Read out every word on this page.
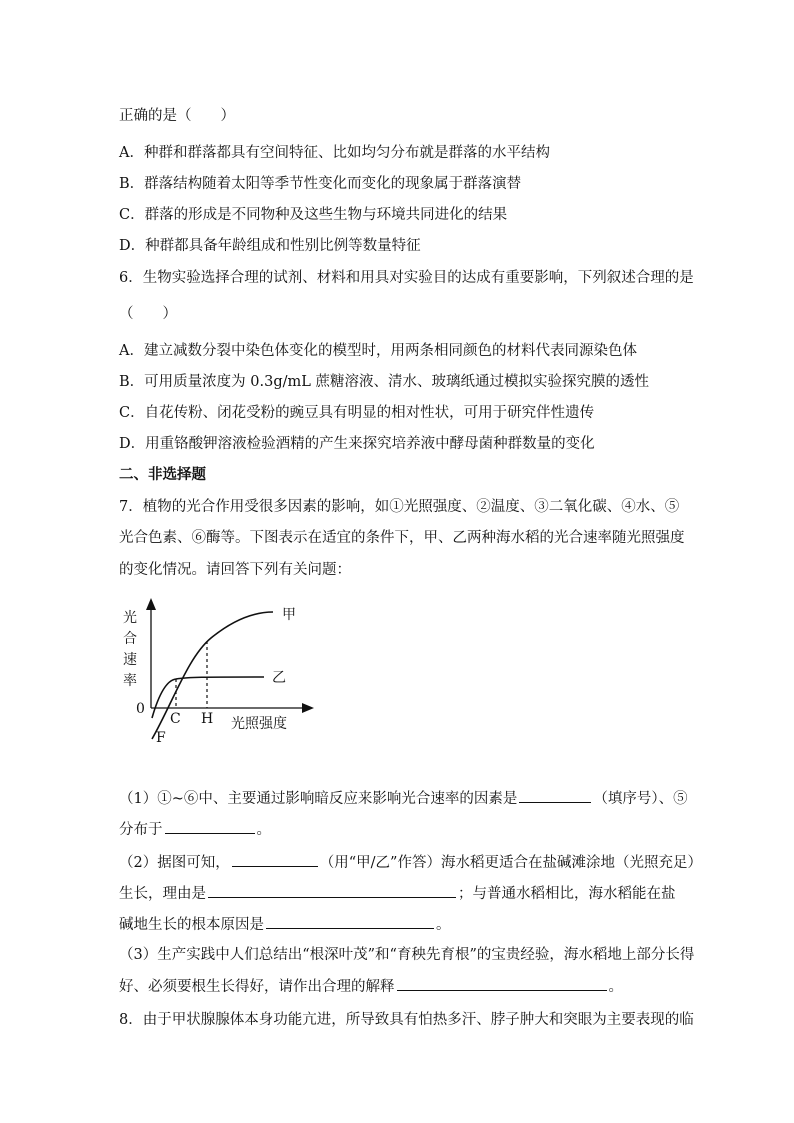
正确的是（　　）
A．种群和群落都具有空间特征、比如均匀分布就是群落的水平结构
B．群落结构随着太阳等季节性变化而变化的现象属于群落演替
C．群落的形成是不同物种及这些生物与环境共同进化的结果
D．种群都具备年龄组成和性别比例等数量特征
6．生物实验选择合理的试剂、材料和用具对实验目的达成有重要影响，下列叙述合理的是
（　　）
A．建立减数分裂中染色体变化的模型时，用两条相同颜色的材料代表同源染色体
B．可用质量浓度为 0.3g/mL 蔗糖溶液、清水、玻璃纸通过模拟实验探究膜的透性
C．自花传粉、闭花受粉的豌豆具有明显的相对性状，可用于研究伴性遗传
D．用重铬酸钾溶液检验酒精的产生来探究培养液中酵母菌种群数量的变化
二、非选择题
7．植物的光合作用受很多因素的影响，如①光照强度、②温度、③二氧化碳、④水、⑤
光合色素、⑥酶等。下图表示在适宜的条件下，甲、乙两种海水稻的光合速率随光照强度
的变化情况。请回答下列有关问题：
光
合
速
率
0
C H
F
光照强度
甲
乙
（1）①~⑥中、主要通过影响暗反应来影响光合速率的因素是	（填序号）、⑤
分布于	。
（2）据图可知，	（用“甲/乙”作答）海水稻更适合在盐碱滩涂地（光照充足）
生长，理由是	；与普通水稻相比，海水稻能在盐
碱地生长的根本原因是	。
（3）生产实践中人们总结出“根深叶茂”和“育秧先育根”的宝贵经验，海水稻地上部分长得
好、必须要根生长得好，请作出合理的解释	。
8．由于甲状腺腺体本身功能亢进，所导致具有怕热多汗、脖子肿大和突眼为主要表现的临
